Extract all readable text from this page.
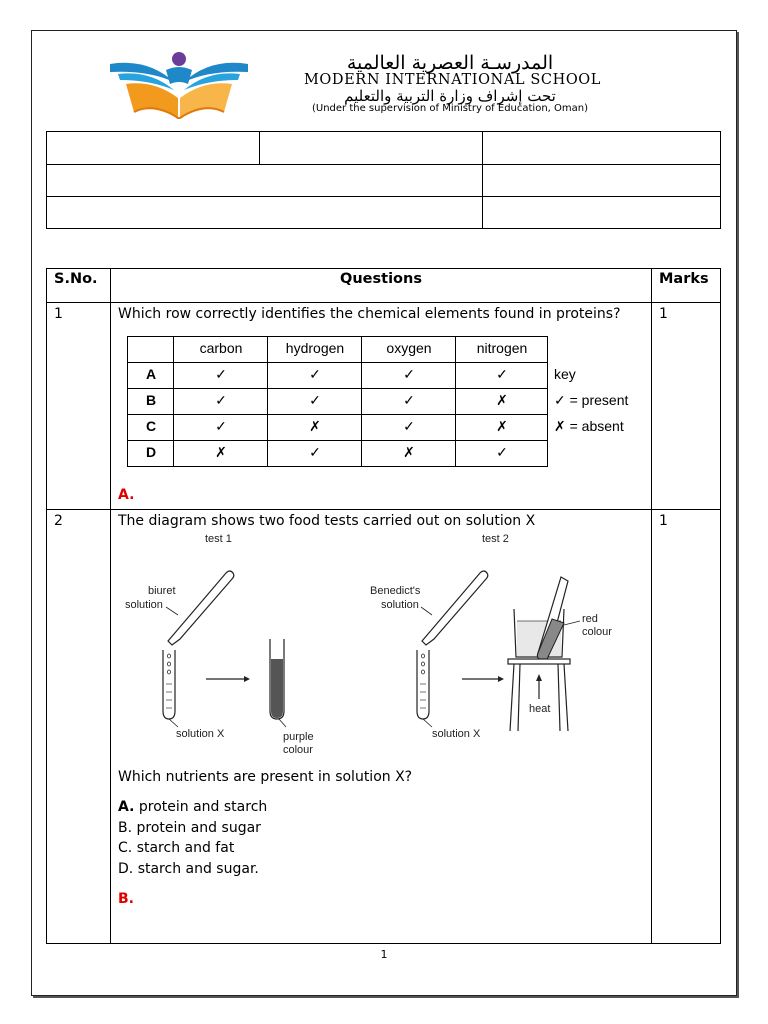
المدرسـة العصرية العالمية
MODERN INTERNATIONAL SCHOOL
تحت إشراف وزارة التربية والتعليم
(Under the supervision of Ministry of Education, Oman)

S.No.	Questions	Marks
1	Which row correctly identifies the chemical elements found in proteins?
	carbon	hydrogen	oxygen	nitrogen	
A	✓	✓	✓	✓	key
B	✓	✓	✓	✗	✓ = present
C	✓	✗	✓	✗	✗ = absent
D	✗	✓	✗	✓	
A.
	1
2	The diagram shows two food tests carried out on solution X
test 1	test 2
biuret
solution
solution X	purple
colour
Benedict's
solution
solution X
red
colour
heat
Which nutrients are present in solution X?

A. protein and starch

B. protein and sugar

C. starch and fat

D. starch and sugar.

B.
	1
1
